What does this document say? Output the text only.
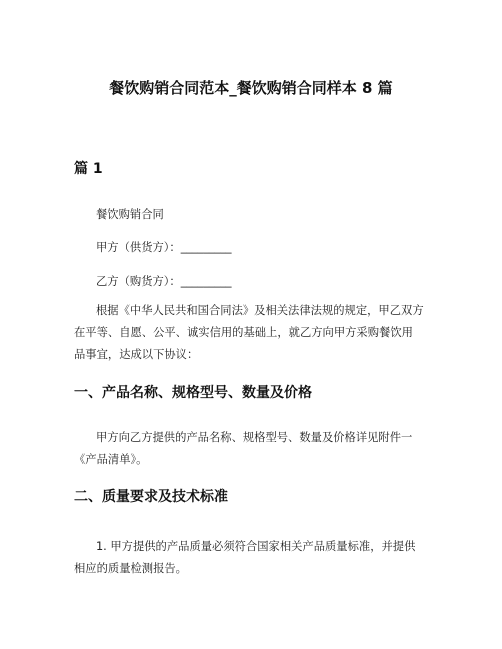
餐饮购销合同范本_餐饮购销合同样本 8 篇
篇 1
餐饮购销合同
甲方（供货方）：_________
乙方（购货方）：_________
根据《中华人民共和国合同法》及相关法律法规的规定，甲乙双方
在平等、自愿、公平、诚实信用的基础上，就乙方向甲方采购餐饮用
品事宜，达成以下协议：
一、产品名称、规格型号、数量及价格
甲方向乙方提供的产品名称、规格型号、数量及价格详见附件一
《产品清单》。
二、质量要求及技术标准
1. 甲方提供的产品质量必须符合国家相关产品质量标准，并提供
相应的质量检测报告。
